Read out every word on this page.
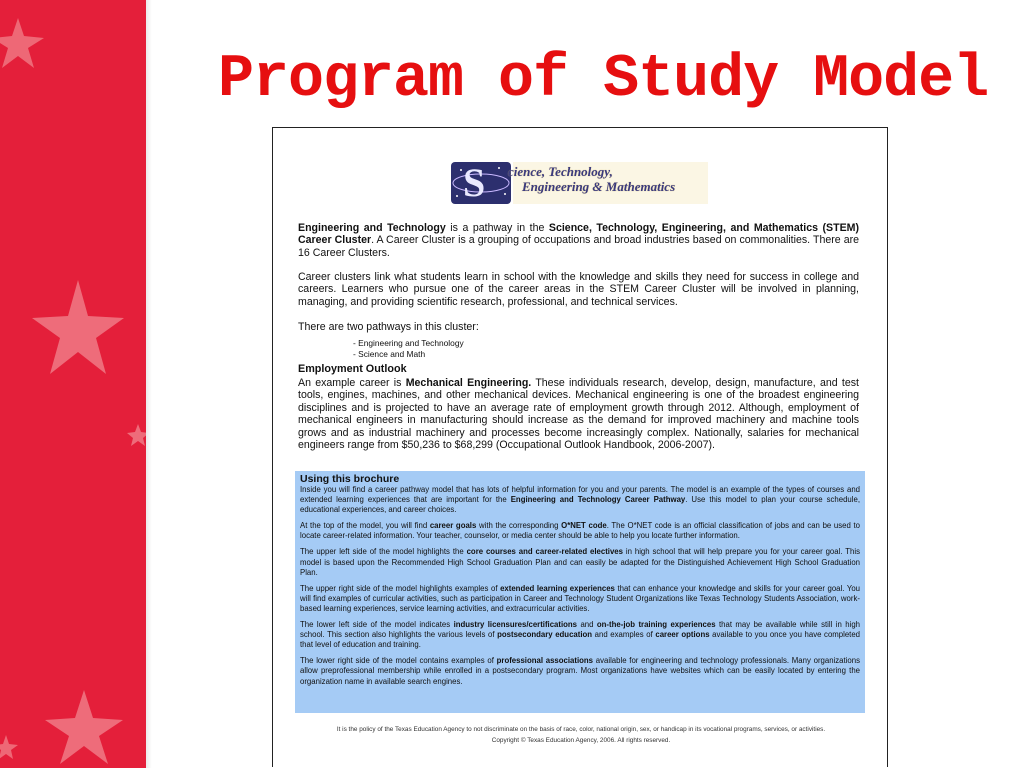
Program of Study Model
S cience, Technology,
Engineering & Mathematics
Engineering and Technology is a pathway in the Science, Technology, Engineering, and Mathematics (STEM) Career Cluster. A Career Cluster is a grouping of occupations and broad industries based on commonalities. There are 16 Career Clusters.
Career clusters link what students learn in school with the knowledge and skills they need for success in college and careers. Learners who pursue one of the career areas in the STEM Career Cluster will be involved in planning, managing, and providing scientific research, professional, and technical services.
There are two pathways in this cluster:
- Engineering and Technology
- Science and Math
Employment Outlook
An example career is Mechanical Engineering. These individuals research, develop, design, manufacture, and test tools, engines, machines, and other mechanical devices. Mechanical engineering is one of the broadest engineering disciplines and is projected to have an average rate of employment growth through 2012. Although, employment of mechanical engineers in manufacturing should increase as the demand for improved machinery and machine tools grows and as industrial machinery and processes become increasingly complex. Nationally, salaries for mechanical engineers range from $50,236 to $68,299 (Occupational Outlook Handbook, 2006-2007).
Using this brochure

Inside you will find a career pathway model that has lots of helpful information for you and your parents. The model is an example of the types of courses and extended learning experiences that are important for the Engineering and Technology Career Pathway. Use this model to plan your course schedule, educational experiences, and career choices.

At the top of the model, you will find career goals with the corresponding O*NET code. The O*NET code is an official classification of jobs and can be used to locate career-related information. Your teacher, counselor, or media center should be able to help you locate further information.

The upper left side of the model highlights the core courses and career-related electives in high school that will help prepare you for your career goal. This model is based upon the Recommended High School Graduation Plan and can easily be adapted for the Distinguished Achievement High School Graduation Plan.

The upper right side of the model highlights examples of extended learning experiences that can enhance your knowledge and skills for your career goal. You will find examples of curricular activities, such as participation in Career and Technology Student Organizations like Texas Technology Students Association, work-based learning experiences, service learning activities, and extracurricular activities.

The lower left side of the model indicates industry licensures/certifications and on-the-job training experiences that may be available while still in high school. This section also highlights the various levels of postsecondary education and examples of career options available to you once you have completed that level of education and training.

The lower right side of the model contains examples of professional associations available for engineering and technology professionals. Many organizations allow preprofessional membership while enrolled in a postsecondary program. Most organizations have websites which can be easily located by entering the organization name in available search engines.

It is the policy of the Texas Education Agency to not discriminate on the basis of race, color, national origin, sex, or handicap in its vocational programs, services, or activities.
Copyright © Texas Education Agency, 2006. All rights reserved.
